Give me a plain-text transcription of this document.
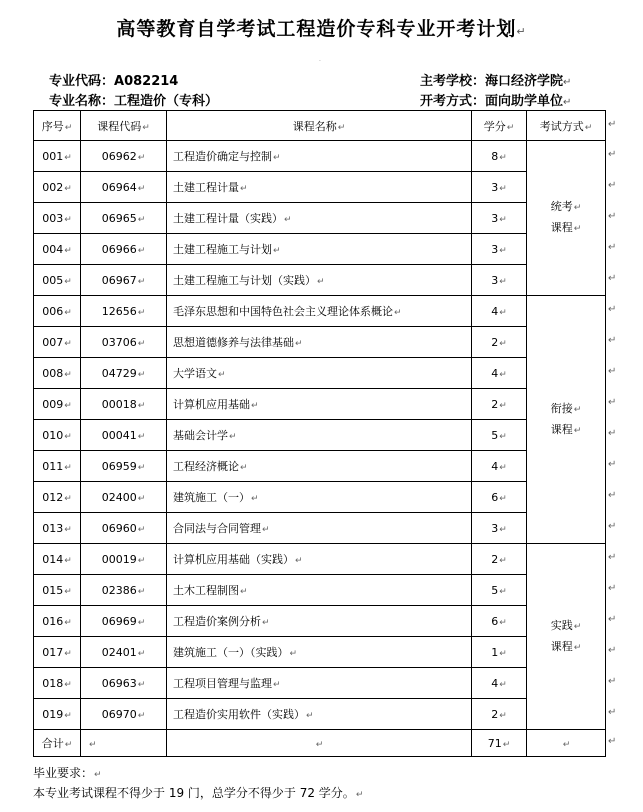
高等教育自学考试工程造价专科专业开考计划↵
·
专业代码：A082214
专业名称：工程造价（专科）
主考学校：海口经济学院↵
开考方式：面向助学单位↵
序号↵	课程代码↵	课程名称↵	学分↵	考试方式↵
001↵	06962↵	工程造价确定与控制↵	8↵	统考↵
课程↵
002↵	06964↵	土建工程计量↵	3↵	
003↵	06965↵	土建工程计量（实践）↵	3↵	
004↵	06966↵	土建工程施工与计划↵	3↵	
005↵	06967↵	土建工程施工与计划（实践）↵	3↵	
006↵	12656↵	毛泽东思想和中国特色社会主义理论体系概论↵	4↵	衔接↵
课程↵
007↵	03706↵	思想道德修养与法律基础↵	2↵	
008↵	04729↵	大学语文↵	4↵	
009↵	00018↵	计算机应用基础↵	2↵	
010↵	00041↵	基础会计学↵	5↵	
011↵	06959↵	工程经济概论↵	4↵	
012↵	02400↵	建筑施工（一）↵	6↵	
013↵	06960↵	合同法与合同管理↵	3↵	
014↵	00019↵	计算机应用基础（实践）↵	2↵	实践↵
课程↵
015↵	02386↵	土木工程制图↵	5↵	
016↵	06969↵	工程造价案例分析↵	6↵	
017↵	02401↵	建筑施工（一）（实践）↵	1↵	
018↵	06963↵	工程项目管理与监理↵	4↵	
019↵	06970↵	工程造价实用软件（实践）↵	2↵	
合计↵	↵	↵	71↵	↵
毕业要求：↵
本专业考试课程不得少于 19 门，总学分不得少于 72 学分。↵
↵
↵
↵
↵
↵
↵
↵
↵
↵
↵
↵
↵
↵
↵
↵
↵
↵
↵
↵
↵
↵
